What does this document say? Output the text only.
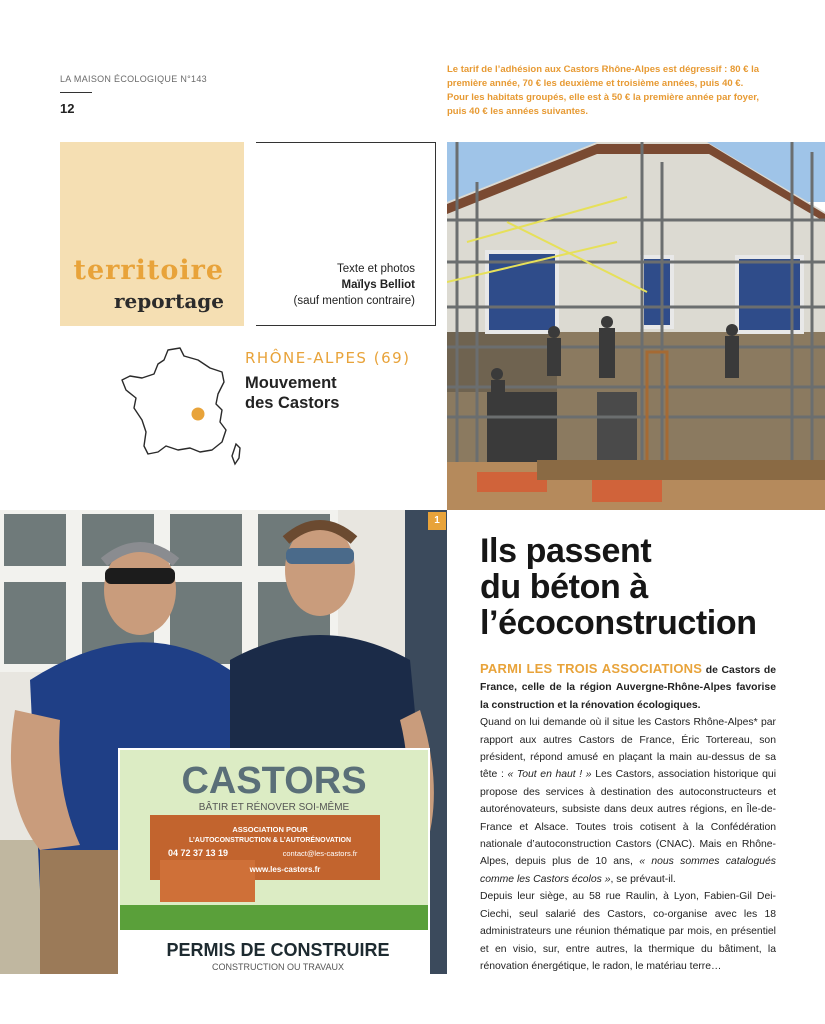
LA MAISON ÉCOLOGIQUE N°143
12
Le tarif de l’adhésion aux Castors Rhône-Alpes est dégressif : 80 € la première année, 70 € les deuxième et troisième années, puis 40 €. Pour les habitats groupés, elle est à 50 € la première année par foyer, puis 40 € les années suivantes.
territoire
reportage
Texte et photos
Maïlys Belliot
(sauf mention contraire)
RHÔNE-ALPES (69)
Mouvement
des Castors
CASTORS
BÂTIR ET RÉNOVER SOI-MÊME
ASSOCIATION POUR
L’AUTOCONSTRUCTION & L’AUTORÉNOVATION
04 72 37 13 19	contact@les-castors.fr
www.les-castors.fr
PERMIS DE CONSTRUIRE
CONSTRUCTION OU TRAVAUX
1
Ils passent
du béton à
l’écoconstruction

PARMI LES TROIS ASSOCIATIONS de Castors de France, celle de la région Auvergne-Rhône-Alpes favorise la construction et la rénovation écologiques.

Quand on lui demande où il situe les Castors Rhône-Alpes* par rapport aux autres Castors de France, Éric Tortereau, son président, répond amusé en plaçant la main au-dessus de sa tête : « Tout en haut ! » Les Castors, association historique qui propose des services à destination des autoconstructeurs et autorénovateurs, subsiste dans deux autres régions, en Île-de-France et Alsace. Toutes trois cotisent à la Confédération nationale d’autoconstruction Castors (CNAC). Mais en Rhône-Alpes, depuis plus de 10 ans, « nous sommes catalogués comme les Castors écolos », se prévaut-il.

Depuis leur siège, au 58 rue Raulin, à Lyon, Fabien-Gil Dei-Ciechi, seul salarié des Castors, co-organise avec les 18 administrateurs une réunion thématique par mois, en présentiel et en visio, sur, entre autres, la thermique du bâtiment, la rénovation énergétique, le radon, le matériau terre…
